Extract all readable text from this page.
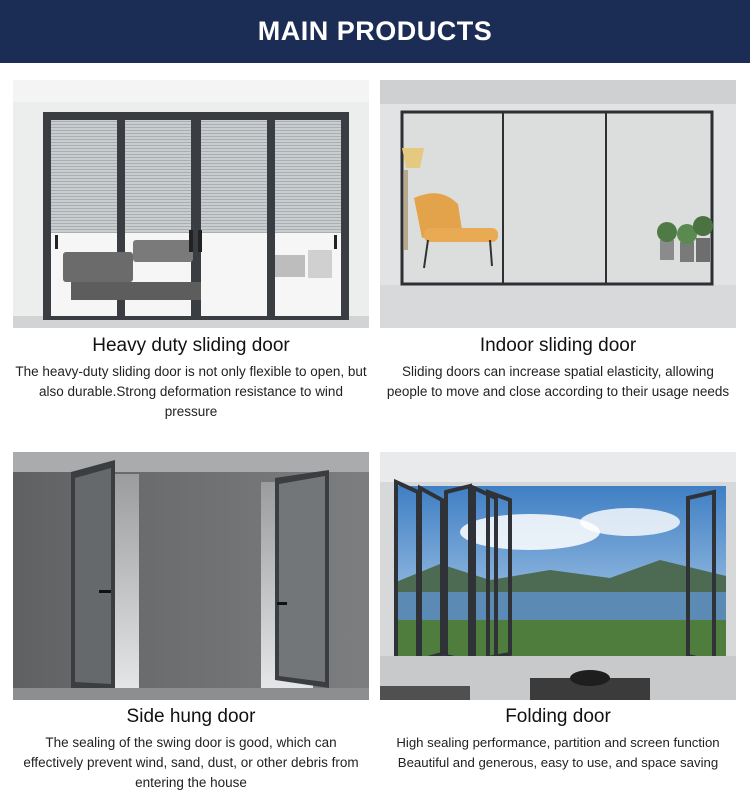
MAIN PRODUCTS
Heavy duty sliding door

The heavy-duty sliding door is not only flexible to open, but also durable.Strong deformation resistance to wind pressure

Indoor sliding door

Sliding doors can increase spatial elasticity, allowing people to move and close according to their usage needs

Side hung door

The sealing of the swing door is good, which can effectively prevent wind, sand, dust, or other debris from entering the house

Folding door

High sealing performance, partition and screen function Beautiful and generous, easy to use, and space saving
